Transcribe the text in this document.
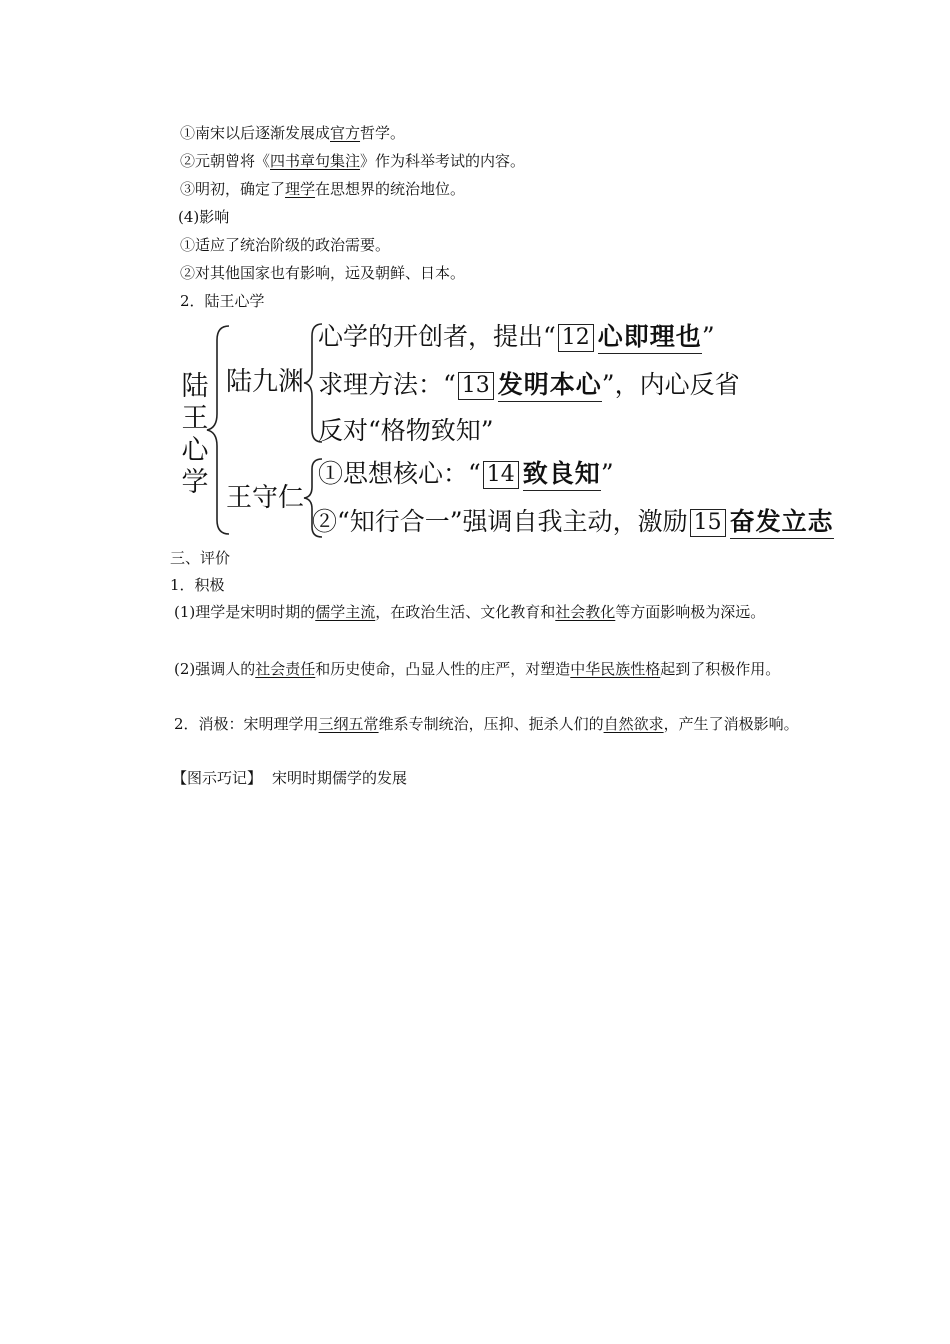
①南宋以后逐渐发展成官方哲学。
②元朝曾将《四书章句集注》作为科举考试的内容。
③明初，确定了理学在思想界的统治地位。
(4)影响
①适应了统治阶级的政治需要。
②对其他国家也有影响，远及朝鲜、日本。
2．陆王心学
陆
王
心
学
陆九渊
心学的开创者，提出“ 12 心即理也”
求理方法：“ 13 发明本心”，内心反省
反对“格物致知”
王守仁
①思想核心：“ 14 致良知”
②“知行合一”强调自我主动，激励 15 奋发立志
三、评价
1．积极
(1)理学是宋明时期的儒学主流，在政治生活、文化教育和社会教化等方面影响极为深远。
(2)强调人的社会责任和历史使命，凸显人性的庄严，对塑造中华民族性格起到了积极作用。
2．消极：宋明理学用三纲五常维系专制统治，压抑、扼杀人们的自然欲求，产生了消极影响。
【图示巧记】 宋明时期儒学的发展
